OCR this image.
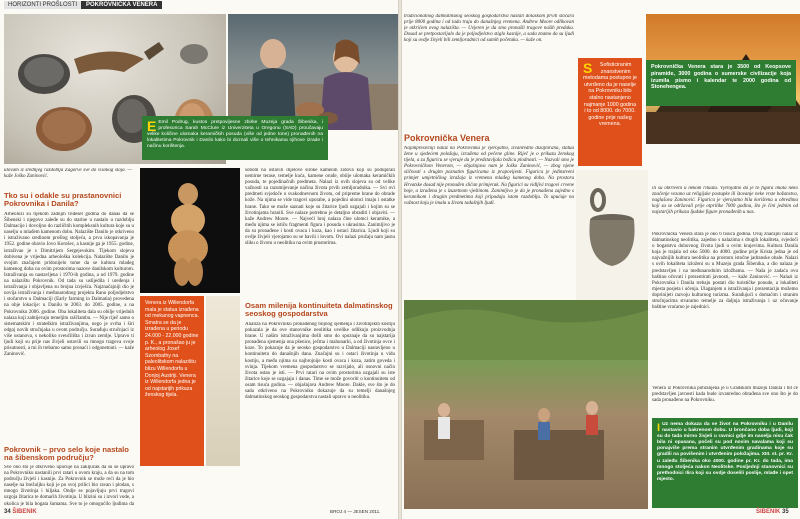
HORIZONTI PROŠLOSTI POKROVNIČKA VENERA
E Emil Podrug, kustos pretpovijesne zbirke Muzeja grada Šibenika, i profesorica Sarah McClure iz Univerziteta u Oregonu (SAD) proučavaju velike količine ulomaka keramičkih posuda (više od jedne tone) pronađenih na lokalitetima Pokrovnik i Danilo kako bi doznali više o tehnikama njihove izrade i načinu korištenja.
ulovam iz srednjeg razdoblja Zagorve sve do visokog sloja. — kaže Joško Zaninović.
Tko su i odakle su prastanovnici Pokrovnika i Danila?
Arheolozi su tijekom zadnjih trideset godina do danas da se Šibenski i njegovo zaleđe su do starine u nastalo u razdoblju Dalmacije i dovoljno do različitih kompleksnih kultura koje su u naselju u mlađem kamenom dobu. Nalazište Danilo je otkriveno i istraživano sredinom prošlog stoljeća, a prva iskopavanja je 1952. godine obavio Jovo Korošec, a kasnije ga je 1955. godine, istraživao je s Dimitrijem Sergejevskim. Tijekom slojeva dobivena je vrijedna arheološka kolekcija. Nalazište Danilo je svojim značajem pridonijelo tome da se kultura mlađeg kamenog doba na ovim prostorima nazove danilskom kulturom. Istraživanja su nastavljena i 1970-ih godina, a od 1979. godine na nalazištu Pokrovnik. Od tada su uslijedila i uređenja i istraživanja i objavljena su brojna izvješća. Najznačajniji dio je novija istraživanja i međunarodnog projekta Rano poljodjelstvo i stočarstvo u Dalmaciji (Early farming in Dalmatia) provedena na obje lokacije: u Danilu te 2003. do 2005. godine, a na Pokrovniku 2006. godine. Oba lokaliteta dala su obilje vrijednih nalaza koji zahtijevaju temeljitu raščlambu. — Nije riječ samo o sistematskim i strateškim istraživanjima, nego je svrha i širi odgoj novih stručnjaka u ovom području. Surađuju stručnjaci iz više ustanova, s nekoliko sveučilišta i izvan zemlje. Upravo ti ljudi koji su prije nas živjeli ostavili su mnogo tragova svoje prisutnosti, a mi ih trebamo samo pronaći i odgonetnuti. — kaže Zaninović.
Pokrovnik – prvo selo koje nastalo na šibenskom području?
Sve ono što je otkriveno upućuje na zaključak da su se upravo na Pokrovniku nastanili prvi ratari u ovom kraju, a da su na tom području živjeli i kasnije. Za Pokrovnik se može reći da je bio naselje na brežuljku koji je po svoj prilici bio ravan i plodan, s mnogo životinja i biljaka. Ondje se pojavljuju prvi tragovi uzgoja žitarica te domaćih životinja. U blizini su i izvori vode, a okolica je bila bogata šumama. Sve to je omogućilo ljudima da
Venera iz Willendorfa mala je statua izrađena od mekanog vapnenca. Smatra se da je izrađena u periodu 24.000 - 22.000 godine p. K., a pronašao ju je arheolog Josef Szombathy na paleolitskom nalazištu blizu Willendorfa u Donjoj Austriji. Venera iz Willendorfa jedna je od najstarijih prikaza ženskog tijela.
sobom na ostavili dijelove široke kamenih zidova koji su podupirali nemirne terase, temelje kuća, kamene oruđe, obilje ulomaka keramičkih posuda, te pojedinačnih predmeta. Nalazi iz ovih slojeva su od velike važnosti za razumijevanje načina života prvih zemljoradnika. — Svi ovi predmeti svjedoče o svakodnevnom životu, od pripreme hrane do obrade kože. Na njima se vide tragovi uporabe, a pojedini ulomci imaju i ostatke hrane. Tako se može saznati koje su žitarice ljudi uzgajali i kojim su se životinjama hranili. Sve nalaze potrebno je detaljno obraditi i objaviti. — kaže Andrew Moore. — Najveći broj nalaza čine ulomci keramike, a među njima se ističu fragmenti figura i posuda s ukrasima. Zanimljivo je da su pronađene i kosti ovaca i koza, kao i ostaci žitarica. Ljudi koji su ovdje živjeli vjerojatno su se bavili i lovom. Ovi nalazi pružaju nam jasnu sliku o životu u neolitiku na ovim prostorima.
Osam milenija kontinuiteta dalmatinskog seoskog gospodarstva
Analiza na Pokrovniku pronađenog biljnog sjemenja i životinjskih kostiju pokazala je da ove stanovnike neolitika uvelike odlikuju proizvodnja hrane. U našim istraživanjima došli smo do spoznaje da su najstarija pronađena sjemenja ona pšenice, ječma i mahunarki, a od životinja ovce i koze. To pokazuje da je seosko gospodarstvo u Dalmaciji nastavljeno u kontinuitetu do današnjih dana. Značajni su i ostaci životinja u vidu kostiju, a među njima su najbrojnije kosti ovaca i koza, zatim goveda i svinja. Tijekom vremena gospodarstvo se razvijalo, ali osnovni način života ostao je isti. — Prvi ratari na ovim prostorima uzgajali su iste žitarice koje se uzgajaju i danas. Time se može govoriti o kontinuitetu od osam tisuća godina. — objašnjava Andrew Moore. Dakle, sve što je do sada otkriveno na Pokrovniku dokazuje da su temelji današnjeg dalmatinskog seoskog gospodarstva nastali upravo u neolitiku.
34 ŠIBENIK	BROJ 4 — JESEN 2011.
tradicionalnog dalmatinskog seoskog gospodarstva nastali dolaskom prvih stočara prije 8000 godina i od tada traju do današnjeg vremena. Andrew Moore odlikovan je otkrićem ovog nalazišta. — Uvjeren je da smo pronašli tragove naših predaka. Dosad se pretpostavljalo da je poljodjelstvo stiglo kasnije, a sada znamo da su ljudi koji su ovdje živjeli bili zemljoradnici od samih početaka. — kaže on.
Pokrovnička Venera
Najimpresivniji nalaz na Pokrovniku je vjerojatno, izvanredno dizajnirana, statua žene u sjedećem položaju, izrađena od pečene gline. Riječ je o prikazu ženskog tijela, a za figuricu se vjeruje da je predstavljala božicu plodnosti. — Nazvali smo je Pokrovničkom Venerom, — objašnjava nam je Joško Zaninović, — zbog njene sličnosti s drugim poznatim figuricama iz prapovijesti. Figurica je jedinstveni primjer umjetničkog izražaja iz vremena mlađeg kamenog doba. Na prostoru Hrvatske dosad nije pronađen sličan primjerak. Na figurici su vidljivi tragovi crvene boje, a izrađena je s izuzetnom vještinom. Zanimljivo je da je pronađena zajedno s keramikom i drugim predmetima koji pripadaju istom razdoblju. To upućuje na važnost koju je imala u životu tadašnjih ljudi.
S Sofisticiranim znanstvenim metodama postupno je utvrđeno da je naselje na Pokrovniku bilo stalno nastanjeno najmanje 1000 godina i to od 8000. do 7000. godine prije našeg vremena.
Pokrovnička Venera stara je 3500 od Keopsove piramide, 3000 godina o sumerske civilizacije koja izumila pismo i kalendar te 2000 godina od Stonehengea.
ili su otkriveni u nekom ritualu. Vjerojatno da je to figura imala neko značenje vezano uz religijske postupke ili štovanje neke vrste božanstva, naglašava Zaninović. Figurica je vjerojatno bila korištena u obredima koji su se održavali prije otprilike 7000 godina, što je čini jednim od najstarijih prikaza ljudske figure pronađenih u nas.
Pokrovnička Venera stara je oko 6 tisuća godina. Ovaj značajni nalaz iz dalmatinskog neolitika, zajedno s nalazima s drugih lokaliteta, svjedoči o bogatstvu duhovnog života ljudi u ovim krajevima. Kultura Danila koja je trajala od oko 5000. do 4000. godine prije Krista jedna je od najvažnijih kultura neolitika na prostoru istočne jadranske obale. Nalazi s ovih lokaliteta izloženi su u Muzeju grada Šibenika, a dio nalaza je predstavljen i na međunarodnim izložbama. — Naša je zadaća ovu baštinu očuvati i prezentirati javnosti, — kaže Zaninović. — Nalazi iz Pokrovnika i Danila trebaju postati dio turističke ponude, a lokaliteti mjesta posjeta i učenja. Ulaganjem u istraživanja i prezentaciju možemo doprinijeti razvoju kulturnog turizma. Surađujući s domaćim i stranim stručnjacima stvaramo temelje za daljnja istraživanja i uz očuvanje baštine vraćamo je zajednici.
Venera iz Pokrovnika pohranjena je u Gradskom muzeju Danila i bit će predstavljen javnosti kada bude izvanredno obrađena sve ono što je do sada pronađeno na Pokrovniku.
I Uz nema dokaza da se život na Pokrovniku i u Danilu nastavio u bakrenom dobu. U brončano doba ljudi, koji su do tada mirno živjeli u ravnici gdje im naselja nisu čak bila ni opasana, počeli su pod novim navalama koji su ponajviše prema stranim utvrđenim gradinama koje su gradili na povišenim i utvrđenim položajima. XIII. st. pr. Kr. u zaleđu Šibenika oko 4000. godine pr. Kr. do tada, ima mnogo stoljeća nakon Neolitske. Posljednji stanovnici su prethodnici Ilira koji su ovdje doselili poslije, mlađe i opet mjesto.
ŠIBENIK 35
